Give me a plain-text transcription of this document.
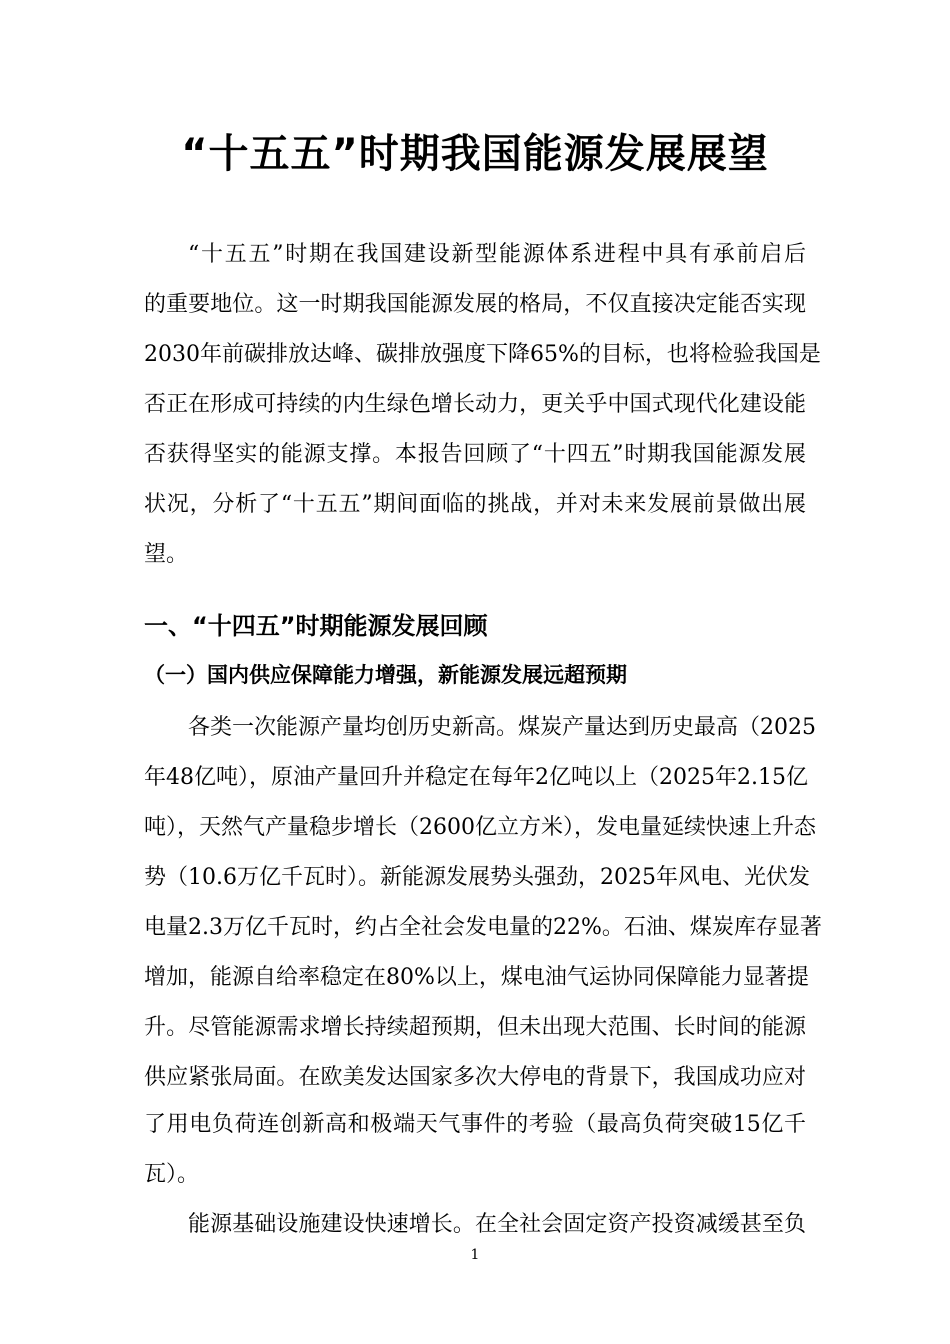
“十五五”时期我国能源发展展望
“十五五”时期在我国建设新型能源体系进程中具有承前启后
的重要地位。这一时期我国能源发展的格局，不仅直接决定能否实现
2030年前碳排放达峰、碳排放强度下降65%的目标，也将检验我国是
否正在形成可持续的内生绿色增长动力，更关乎中国式现代化建设能
否获得坚实的能源支撑。本报告回顾了“十四五”时期我国能源发展
状况，分析了“十五五”期间面临的挑战，并对未来发展前景做出展
望。
一、“十四五”时期能源发展回顾
（一）国内供应保障能力增强，新能源发展远超预期
各类一次能源产量均创历史新高。煤炭产量达到历史最高（2025
年48亿吨），原油产量回升并稳定在每年2亿吨以上（2025年2.15亿
吨），天然气产量稳步增长（2600亿立方米），发电量延续快速上升态
势（10.6万亿千瓦时）。新能源发展势头强劲，2025年风电、光伏发
电量2.3万亿千瓦时，约占全社会发电量的22%。石油、煤炭库存显著
增加，能源自给率稳定在80%以上，煤电油气运协同保障能力显著提
升。尽管能源需求增长持续超预期，但未出现大范围、长时间的能源
供应紧张局面。在欧美发达国家多次大停电的背景下，我国成功应对
了用电负荷连创新高和极端天气事件的考验（最高负荷突破15亿千
瓦）。
能源基础设施建设快速增长。在全社会固定资产投资减缓甚至负
1
